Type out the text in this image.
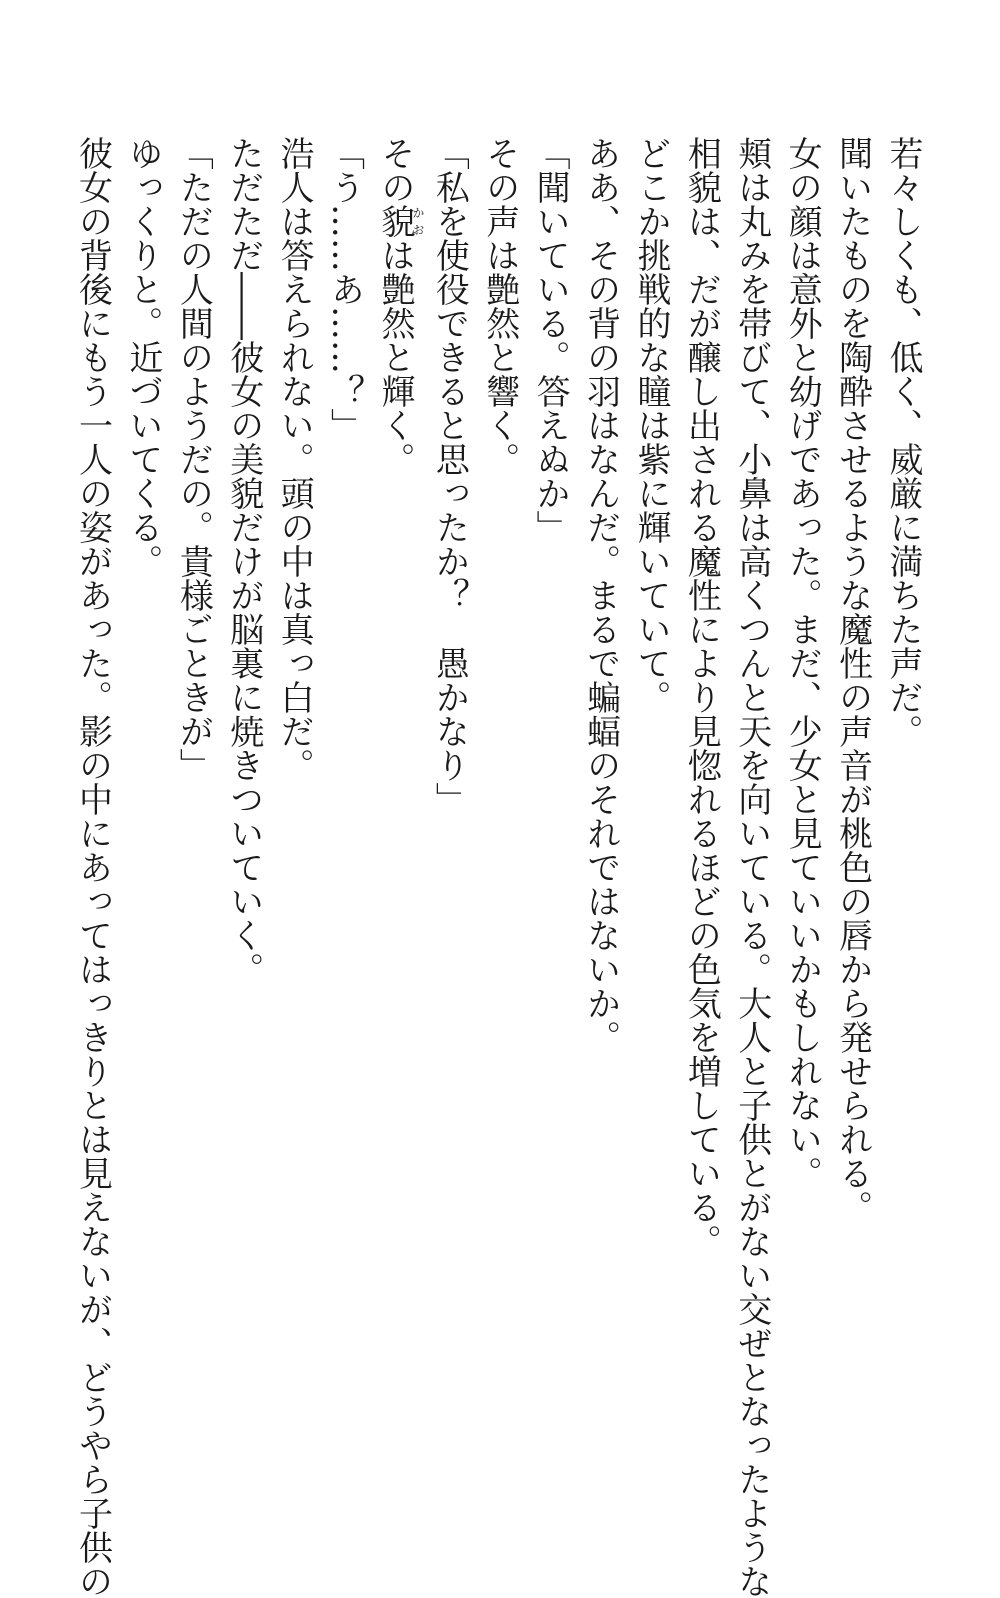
若々しくも、低く、威厳に満ちた声だ。
聞いたものを陶酔させるような魔性の声音が桃色の唇から発せられる。
女の顔は意外と幼げであった。まだ、少女と見ていいかもしれない。
頬は丸みを帯びて、小鼻は高くつんと天を向いている。大人と子供とがない交ぜとなったような
相貌は、だが醸し出される魔性により見惚れるほどの色気を増している。
どこか挑戦的な瞳は紫に輝いていて。
ああ、その背の羽はなんだ。まるで蝙蝠のそれではないか。
「聞いている。答えぬか」
その声は艶然と響く。
「私を使役できると思ったか？　愚かなり」
その貌かおは艶然と輝く。
「う……あ……？」
浩人は答えられない。頭の中は真っ白だ。
ただただ――彼女の美貌だけが脳裏に焼きついていく。
「ただの人間のようだの。貴様ごときが」
ゆっくりと。近づいてくる。
彼女の背後にもう一人の姿があった。影の中にあってはっきりとは見えないが、どうやら子供の
